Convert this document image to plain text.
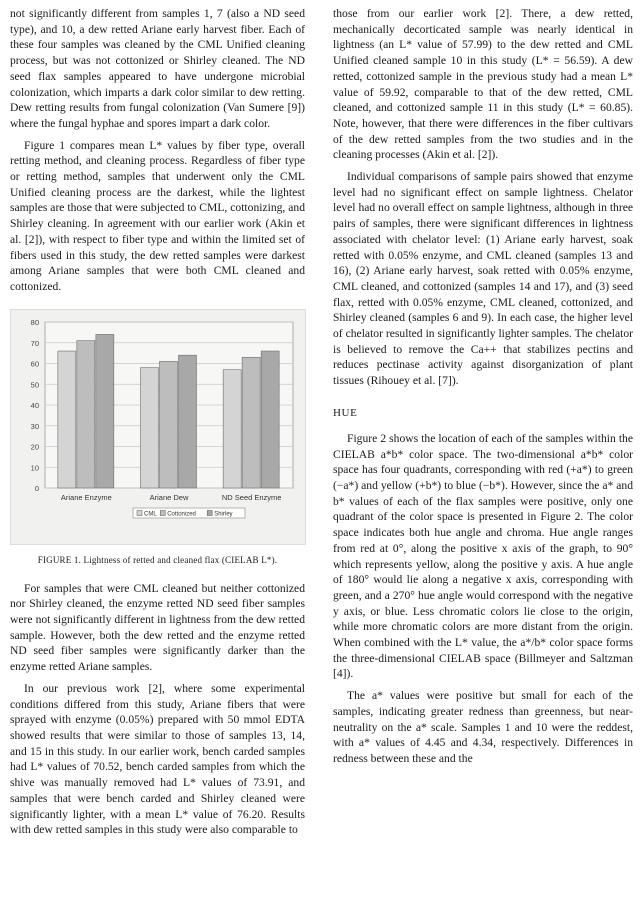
not significantly different from samples 1, 7 (also a ND seed type), and 10, a dew retted Ariane early harvest fiber. Each of these four samples was cleaned by the CML Unified cleaning process, but was not cottonized or Shirley cleaned. The ND seed flax samples appeared to have undergone microbial colonization, which imparts a dark color similar to dew retting. Dew retting results from fungal colonization (Van Sumere [9]) where the fungal hyphae and spores impart a dark color.

Figure 1 compares mean L* values by fiber type, overall retting method, and cleaning process. Regardless of fiber type or retting method, samples that underwent only the CML Unified cleaning process are the darkest, while the lightest samples are those that were subjected to CML, cottonizing, and Shirley cleaning. In agreement with our earlier work (Akin et al. [2]), with respect to fiber type and within the limited set of fibers used in this study, the dew retted samples were darkest among Ariane samples that were both CML cleaned and cottonized.

0
10
20
30
40
50
60
70
80
Ariane Enzyme	Ariane Dew	ND Seed Enzyme
CML Cottonized	Shirley
FIGURE 1. Lightness of retted and cleaned flax (CIELAB L*).

For samples that were CML cleaned but neither cottonized nor Shirley cleaned, the enzyme retted ND seed fiber samples were not significantly different in lightness from the dew retted sample. However, both the dew retted and the enzyme retted ND seed fiber samples were significantly darker than the enzyme retted Ariane samples.

In our previous work [2], where some experimental conditions differed from this study, Ariane fibers that were sprayed with enzyme (0.05%) prepared with 50 mmol EDTA showed results that were similar to those of samples 13, 14, and 15 in this study. In our earlier work, bench carded samples had L* values of 70.52, bench carded samples from which the shive was manually removed had L* values of 73.91, and samples that were bench carded and Shirley cleaned were significantly lighter, with a mean L* value of 76.20. Results with dew retted samples in this study were also comparable to

those from our earlier work [2]. There, a dew retted, mechanically decorticated sample was nearly identical in lightness (an L* value of 57.99) to the dew retted and CML Unified cleaned sample 10 in this study (L* = 56.59). A dew retted, cottonized sample in the previous study had a mean L* value of 59.92, comparable to that of the dew retted, CML cleaned, and cottonized sample 11 in this study (L* = 60.85). Note, however, that there were differences in the fiber cultivars of the dew retted samples from the two studies and in the cleaning processes (Akin et al. [2]).

Individual comparisons of sample pairs showed that enzyme level had no significant effect on sample lightness. Chelator level had no overall effect on sample lightness, although in three pairs of samples, there were significant differences in lightness associated with chelator level: (1) Ariane early harvest, soak retted with 0.05% enzyme, and CML cleaned (samples 13 and 16), (2) Ariane early harvest, soak retted with 0.05% enzyme, CML cleaned, and cottonized (samples 14 and 17), and (3) seed flax, retted with 0.05% enzyme, CML cleaned, cottonized, and Shirley cleaned (samples 6 and 9). In each case, the higher level of chelator resulted in significantly lighter samples. The chelator is believed to remove the Ca++ that stabilizes pectins and reduces pectinase activity against disorganization of plant tissues (Rihouey et al. [7]).

HUE

Figure 2 shows the location of each of the samples within the CIELAB a*b* color space. The two-dimensional a*b* color space has four quadrants, corresponding with red (+a*) to green (−a*) and yellow (+b*) to blue (−b*). However, since the a* and b* values of each of the flax samples were positive, only one quadrant of the color space is presented in Figure 2. The color space indicates both hue angle and chroma. Hue angle ranges from red at 0°, along the positive x axis of the graph, to 90° which represents yellow, along the positive y axis. A hue angle of 180° would lie along a negative x axis, corresponding with green, and a 270° hue angle would correspond with the negative y axis, or blue. Less chromatic colors lie close to the origin, while more chromatic colors are more distant from the origin. When combined with the L* value, the a*/b* color space forms the three-dimensional CIELAB space (Billmeyer and Saltzman [4]).

The a* values were positive but small for each of the samples, indicating greater redness than greenness, but near-neutrality on the a* scale. Samples 1 and 10 were the reddest, with a* values of 4.45 and 4.34, respectively. Differences in redness between these and the
